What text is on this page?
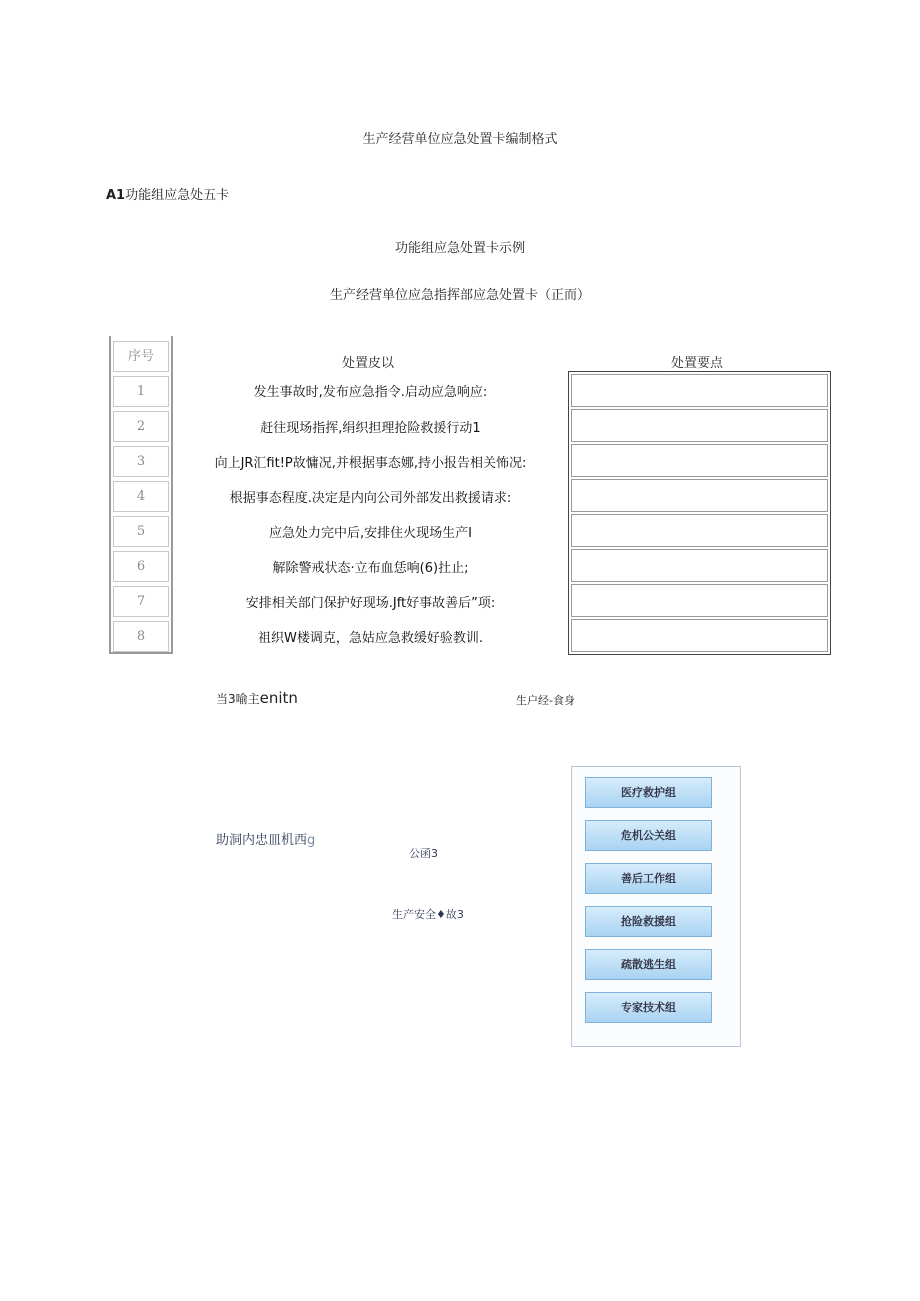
生产经营单位应急处置卡编制格式
A1功能组应急处五卡
功能组应急处置卡示例
生产经营单位应急指挥部应急处置卡（正而）
序号
1
2
3
4
5
6
7
8
处置皮以	处置要点
发生事故时,发布应急指令.启动应急响应:
赶往现场指挥,绢织担理抢险救援行动1
向上JR汇fit!P故慵况,并根据事态娜,持小报告相关怖况:
根据事态程度.决定是内向公司外部发出救援请求:
应急处力完中后,安排住火现场生产I
解除警戒状态·立布血恁响(6)扗止;
安排相关部门保护好现场.Jft好事故善后”项:
祖织W楼调克，急姑应急救缓好验教训.
当3喻主enitn	生户经-食身
助洞内忠皿机西g
公函3
生产安全♦故3
医疗救护组
危机公关组
善后工作组
抢险救援组
疏散逃生组
专家技术组
